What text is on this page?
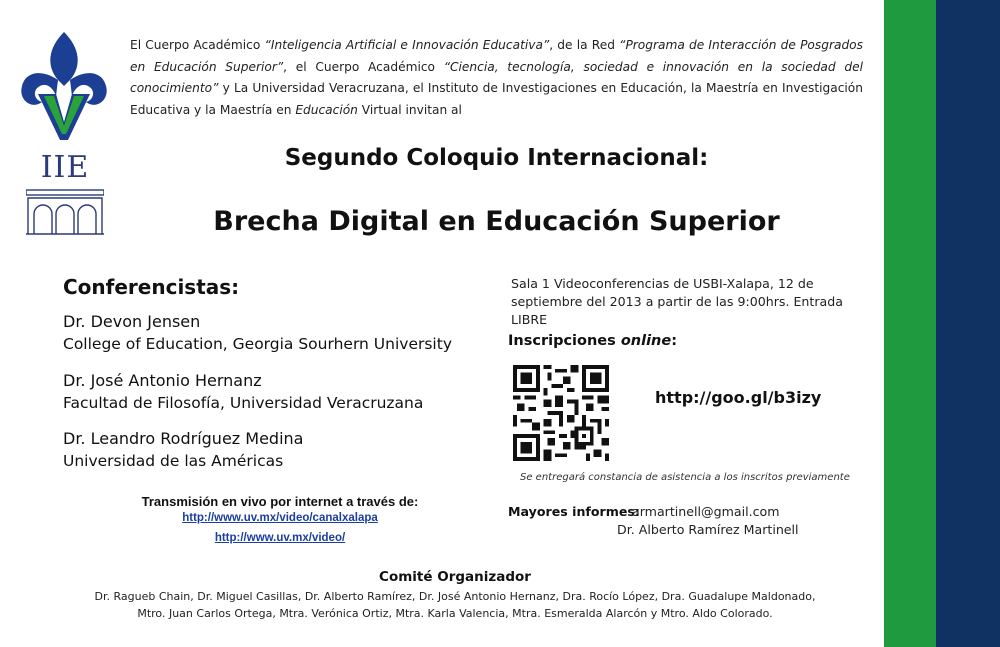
IIE
El Cuerpo Académico “Inteligencia Artificial e Innovación Educativa”, de la Red “Programa de Interacción de Posgrados en Educación Superior”, el Cuerpo Académico “Ciencia, tecnología, sociedad e innovación en la sociedad del conocimiento” y La Universidad Veracruzana, el Instituto de Investigaciones en Educación, la Maestría en Investigación Educativa y la Maestría en Educación Virtual invitan al
Segundo Coloquio Internacional:
Brecha Digital en Educación Superior
Conferencistas:
Dr. Devon Jensen
College of Education, Georgia Sourhern University
Dr. José Antonio Hernanz
Facultad de Filosofía, Universidad Veracruzana
Dr. Leandro Rodríguez Medina
Universidad de las Américas
Transmisión en vivo por internet a través de:
http://www.uv.mx/video/canalxalapa
http://www.uv.mx/video/
Sala 1 Videoconferencias de USBI-Xalapa, 12 de septiembre del 2013 a partir de las 9:00hrs. Entrada LIBRE
Inscripciones online:
http://goo.gl/b3izy
Se entregará constancia de asistencia a los inscritos previamente
Mayores informes:
armartinell@gmail.com
Dr. Alberto Ramírez Martinell
Comité Organizador
Dr. Ragueb Chain, Dr. Miguel Casillas, Dr. Alberto Ramírez, Dr. José Antonio Hernanz, Dra. Rocío López, Dra. Guadalupe Maldonado,
Mtro. Juan Carlos Ortega, Mtra. Verónica Ortiz, Mtra. Karla Valencia, Mtra. Esmeralda Alarcón y Mtro. Aldo Colorado.
